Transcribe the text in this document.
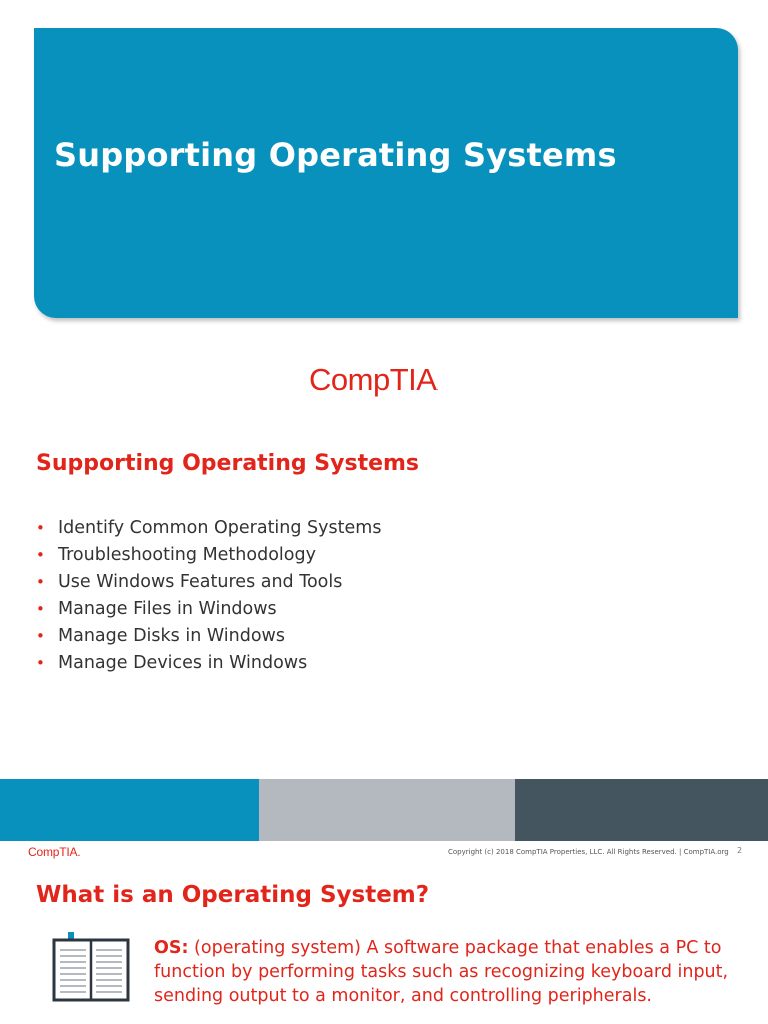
Supporting Operating Systems
CompTIA.
Supporting Operating Systems
• Identify Common Operating Systems
• Troubleshooting Methodology
• Use Windows Features and Tools
• Manage Files in Windows
• Manage Disks in Windows
• Manage Devices in Windows
CompTIA.	Copyright (c) 2018 CompTIA Properties, LLC. All Rights Reserved. | CompTIA.org 2
What is an Operating System?

OS: (operating system) A software package that enables a PC to function by performing tasks such as recognizing keyboard input, sending output to a monitor, and controlling peripherals.
